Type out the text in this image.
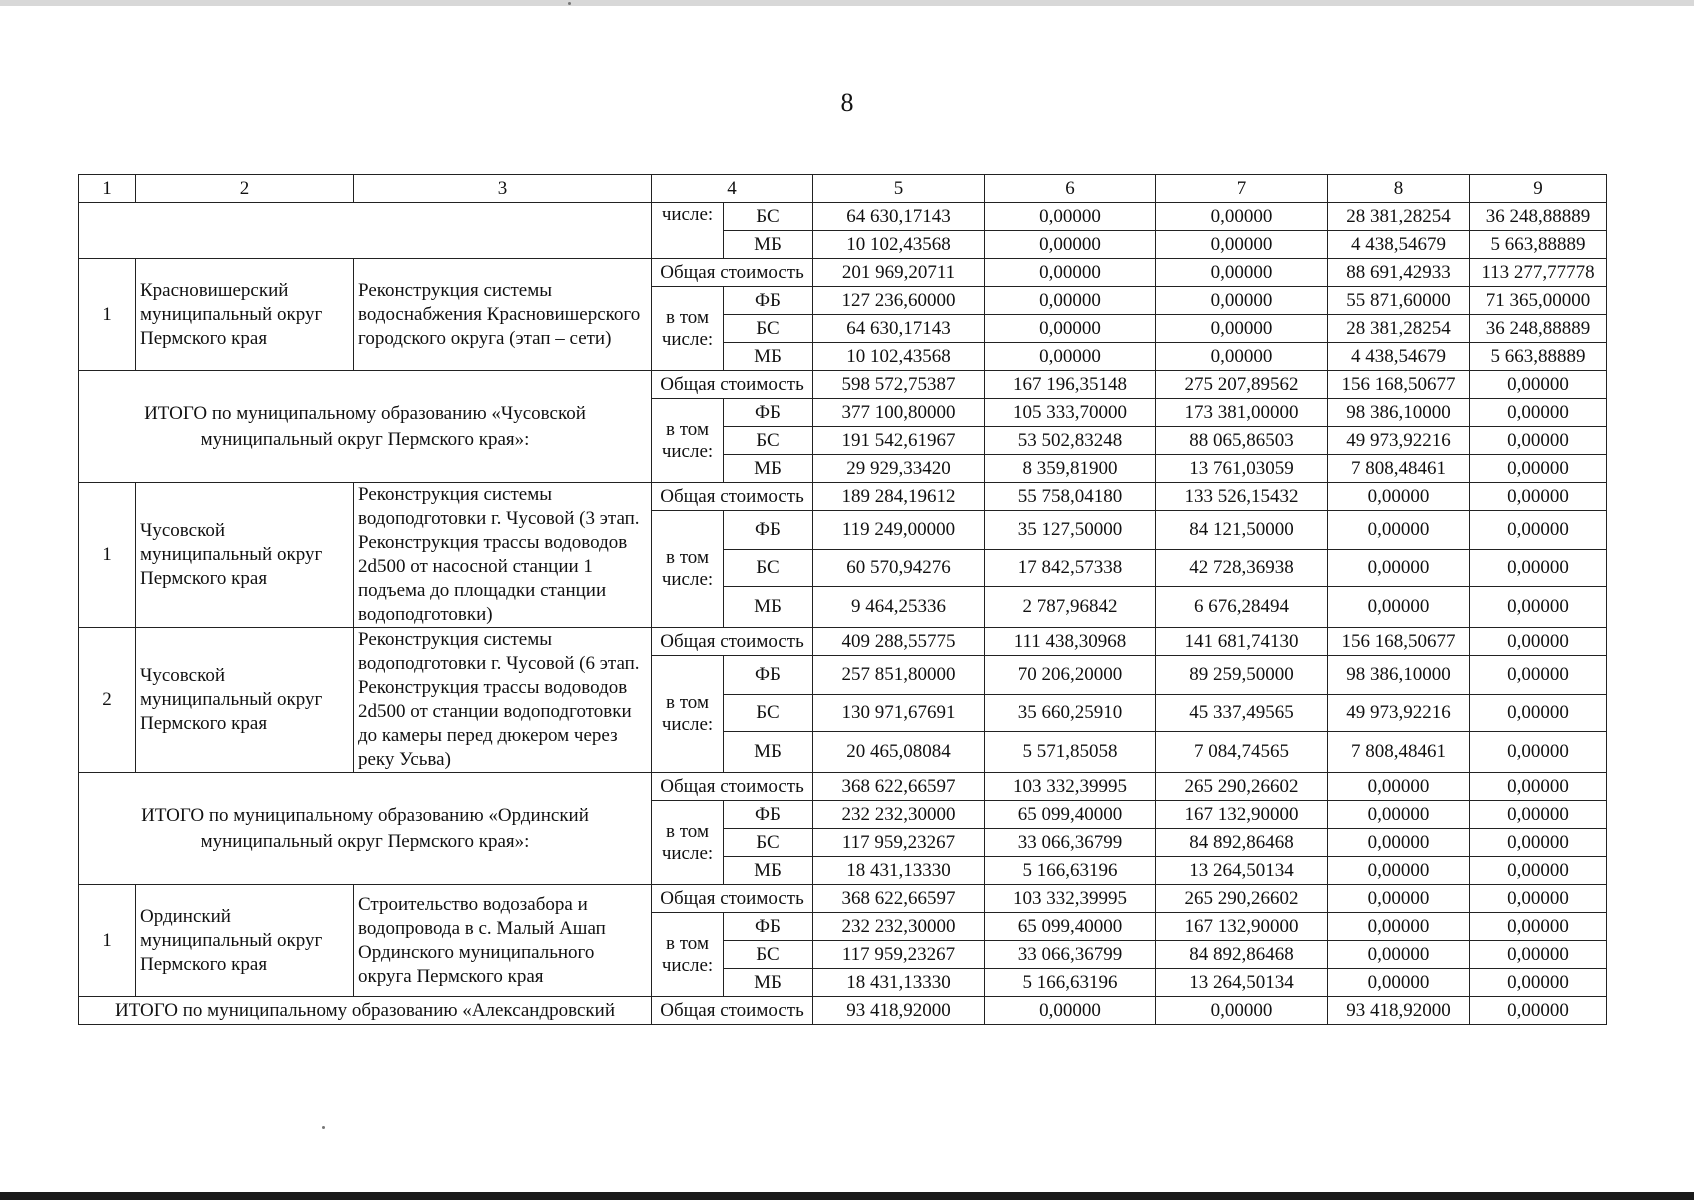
8
1	2	3	4		5	6	7	8	9
			числе:	БС	64 630,17143	0,00000	0,00000	28 381,28254	36 248,88889
				МБ	10 102,43568	0,00000	0,00000	4 438,54679	5 663,88889
1	Красновишерский муниципальный округ Пермского края	Реконструкция системы водоснабжения Красновишерского городского округа (этап – сети)	Общая стоимость		201 969,20711	0,00000	0,00000	88 691,42933	113 277,77778
			в том числе:	ФБ	127 236,60000	0,00000	0,00000	55 871,60000	71 365,00000
				БС	64 630,17143	0,00000	0,00000	28 381,28254	36 248,88889
				МБ	10 102,43568	0,00000	0,00000	4 438,54679	5 663,88889
ИТОГО по муниципальному образованию «Чусовской муниципальный округ Пермского края»:			Общая стоимость		598 572,75387	167 196,35148	275 207,89562	156 168,50677	0,00000
			в том числе:	ФБ	377 100,80000	105 333,70000	173 381,00000	98 386,10000	0,00000
				БС	191 542,61967	53 502,83248	88 065,86503	49 973,92216	0,00000
				МБ	29 929,33420	8 359,81900	13 761,03059	7 808,48461	0,00000
1	Чусовской муниципальный округ Пермского края	Реконструкция системы водоподготовки г. Чусовой (3 этап. Реконструкция трассы водоводов 2d500 от насосной станции 1 подъема до площадки станции водоподготовки)	Общая стоимость		189 284,19612	55 758,04180	133 526,15432	0,00000	0,00000
			в том числе:	ФБ	119 249,00000	35 127,50000	84 121,50000	0,00000	0,00000
				БС	60 570,94276	17 842,57338	42 728,36938	0,00000	0,00000
				МБ	9 464,25336	2 787,96842	6 676,28494	0,00000	0,00000
2	Чусовской муниципальный округ Пермского края	Реконструкция системы водоподготовки г. Чусовой (6 этап. Реконструкция трассы водоводов 2d500 от станции водоподготовки до камеры перед дюкером через реку Усьва)	Общая стоимость		409 288,55775	111 438,30968	141 681,74130	156 168,50677	0,00000
			в том числе:	ФБ	257 851,80000	70 206,20000	89 259,50000	98 386,10000	0,00000
				БС	130 971,67691	35 660,25910	45 337,49565	49 973,92216	0,00000
				МБ	20 465,08084	5 571,85058	7 084,74565	7 808,48461	0,00000
ИТОГО по муниципальному образованию «Ординский муниципальный округ Пермского края»:			Общая стоимость		368 622,66597	103 332,39995	265 290,26602	0,00000	0,00000
			в том числе:	ФБ	232 232,30000	65 099,40000	167 132,90000	0,00000	0,00000
				БС	117 959,23267	33 066,36799	84 892,86468	0,00000	0,00000
				МБ	18 431,13330	5 166,63196	13 264,50134	0,00000	0,00000
1	Ординский муниципальный округ Пермского края	Строительство водозабора и водопровода в с. Малый Ашап Ординского муниципального округа Пермского края	Общая стоимость		368 622,66597	103 332,39995	265 290,26602	0,00000	0,00000
			в том числе:	ФБ	232 232,30000	65 099,40000	167 132,90000	0,00000	0,00000
				БС	117 959,23267	33 066,36799	84 892,86468	0,00000	0,00000
				МБ	18 431,13330	5 166,63196	13 264,50134	0,00000	0,00000
ИТОГО по муниципальному образованию «Александровский			Общая стоимость		93 418,92000	0,00000	0,00000	93 418,92000	0,00000
